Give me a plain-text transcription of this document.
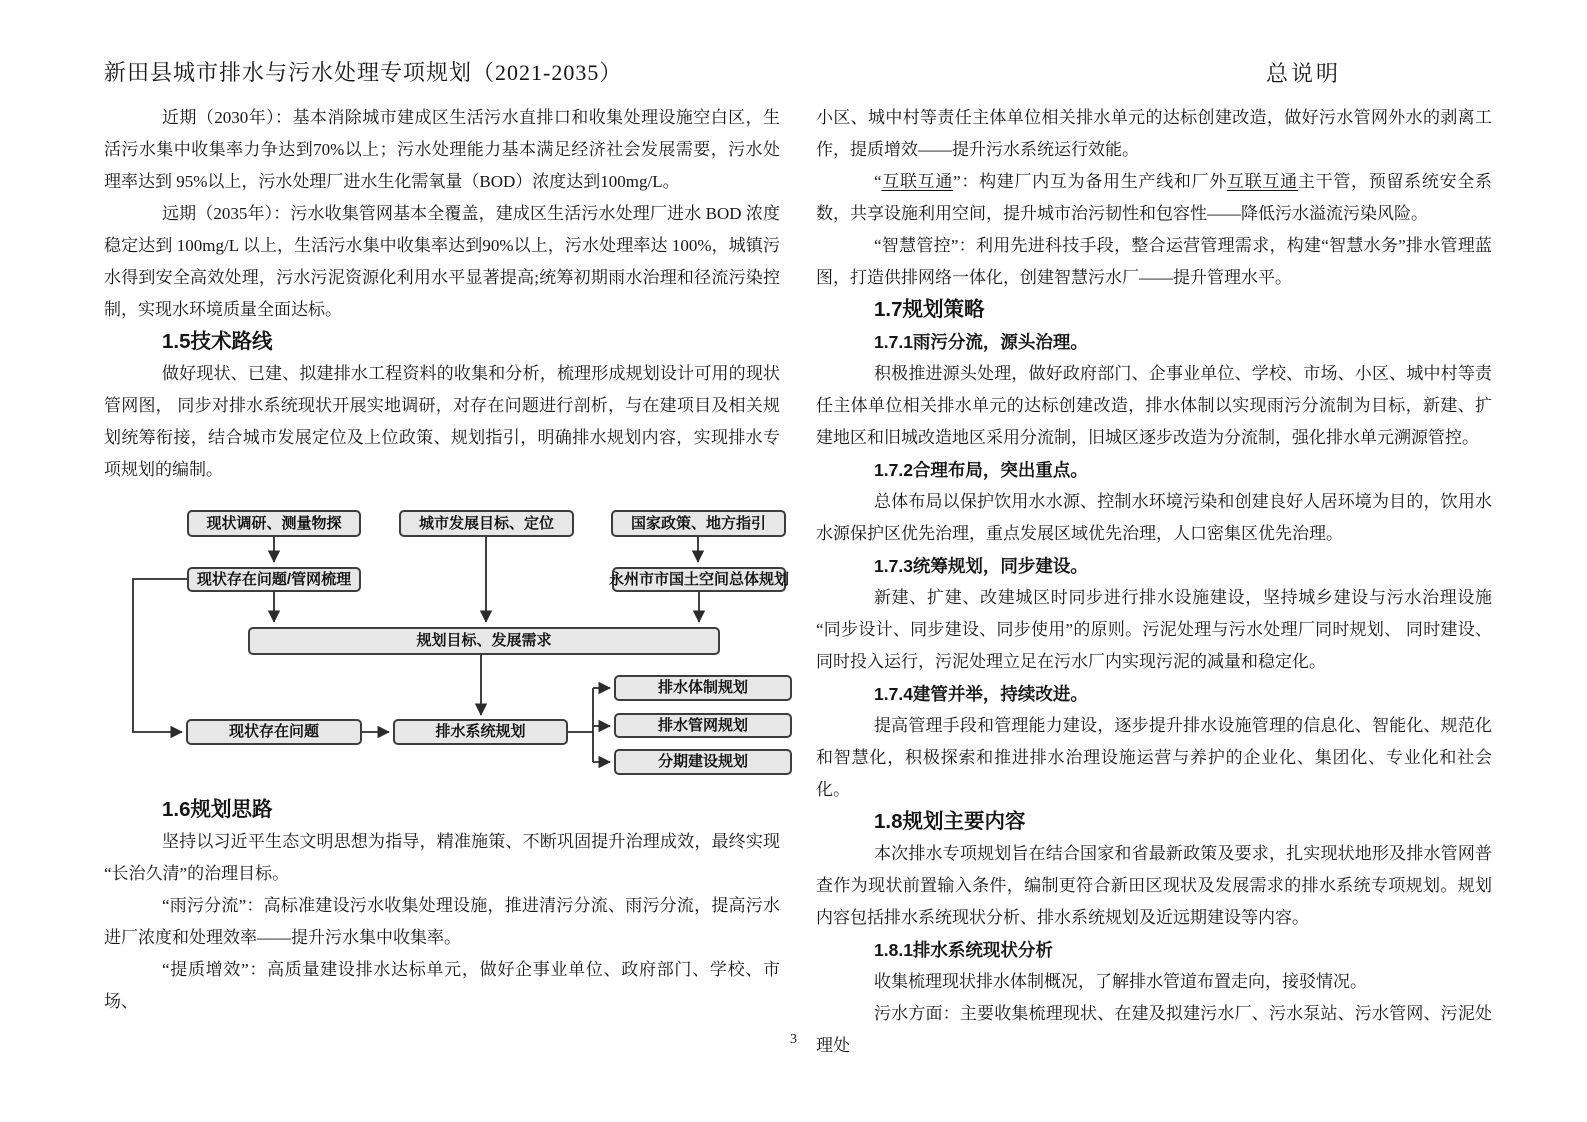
新田县城市排水与污水处理专项规划（2021-2035）	总说明

近期（2030年）：基本消除城市建成区生活污水直排口和收集处理设施空白区，生活污水集中收集率力争达到70%以上；污水处理能力基本满足经济社会发展需要，污水处理率达到 95%以上，污水处理厂进水生化需氧量（BOD）浓度达到100mg/L。

远期（2035年）：污水收集管网基本全覆盖，建成区生活污水处理厂进水 BOD 浓度稳定达到 100mg/L 以上，生活污水集中收集率达到90%以上，污水处理率达 100%，城镇污水得到安全高效处理，污水污泥资源化利用水平显著提高;统筹初期雨水治理和径流污染控制，实现水环境质量全面达标。

1.5技术路线

做好现状、已建、拟建排水工程资料的收集和分析，梳理形成规划设计可用的现状管网图， 同步对排水系统现状开展实地调研，对存在问题进行剖析，与在建项目及相关规划统筹衔接，结合城市发展定位及上位政策、规划指引，明确排水规划内容，实现排水专项规划的编制。

现状调研、测量物探	城市发展目标、定位	国家政策、地方指引
现状存在问题/管网梳理	永州市市国土空间总体规划
规划目标、发展需求
现状存在问题	排水系统规划
排水体制规划
排水管网规划
分期建设规划
1.6规划思路

坚持以习近平生态文明思想为指导，精准施策、不断巩固提升治理成效，最终实现“长治久清”的治理目标。

“雨污分流”：高标准建设污水收集处理设施，推进清污分流、雨污分流，提高污水进厂浓度和处理效率——提升污水集中收集率。

“提质增效”：高质量建设排水达标单元，做好企事业单位、政府部门、学校、市场、

小区、城中村等责任主体单位相关排水单元的达标创建改造，做好污水管网外水的剥离工作，提质增效——提升污水系统运行效能。

“互联互通”：构建厂内互为备用生产线和厂外互联互通主干管，预留系统安全系数，共享设施利用空间，提升城市治污韧性和包容性——降低污水溢流污染风险。

“智慧管控”：利用先进科技手段，整合运营管理需求，构建“智慧水务”排水管理蓝图，打造供排网络一体化，创建智慧污水厂——提升管理水平。

1.7规划策略
1.7.1雨污分流，源头治理。

积极推进源头处理，做好政府部门、企事业单位、学校、市场、小区、城中村等责任主体单位相关排水单元的达标创建改造，排水体制以实现雨污分流制为目标，新建、扩建地区和旧城改造地区采用分流制，旧城区逐步改造为分流制，强化排水单元溯源管控。

1.7.2合理布局，突出重点。

总体布局以保护饮用水水源、控制水环境污染和创建良好人居环境为目的，饮用水水源保护区优先治理，重点发展区域优先治理，人口密集区优先治理。

1.7.3统筹规划，同步建设。

新建、扩建、改建城区时同步进行排水设施建设，坚持城乡建设与污水治理设施“同步设计、同步建设、同步使用”的原则。污泥处理与污水处理厂同时规划、 同时建设、同时投入运行，污泥处理立足在污水厂内实现污泥的减量和稳定化。

1.7.4建管并举，持续改进。

提高管理手段和管理能力建设，逐步提升排水设施管理的信息化、智能化、规范化和智慧化，积极探索和推进排水治理设施运营与养护的企业化、集团化、专业化和社会化。

1.8规划主要内容

本次排水专项规划旨在结合国家和省最新政策及要求，扎实现状地形及排水管网普查作为现状前置输入条件，编制更符合新田区现状及发展需求的排水系统专项规划。规划内容包括排水系统现状分析、排水系统规划及近远期建设等内容。

1.8.1排水系统现状分析

收集梳理现状排水体制概况，了解排水管道布置走向，接驳情况。

污水方面：主要收集梳理现状、在建及拟建污水厂、污水泵站、污水管网、污泥处理处

3
